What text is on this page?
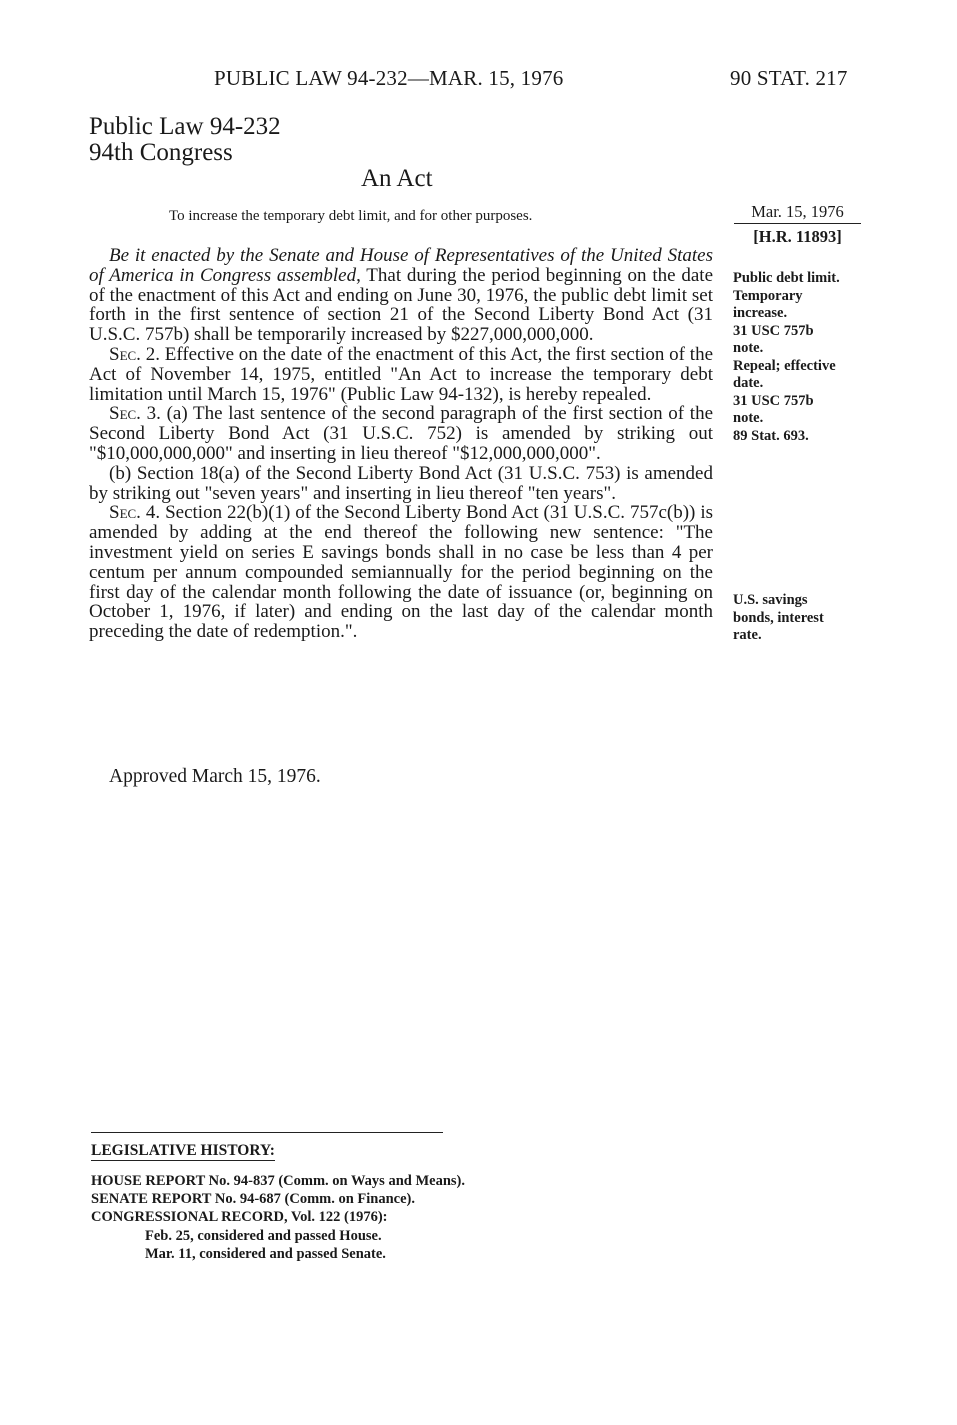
PUBLIC LAW 94-232—MAR. 15, 1976	90 STAT. 217
Public Law 94-232
94th Congress
An Act
To increase the temporary debt limit, and for other purposes.	Mar. 15, 1976
[H.R. 11893]

Be it enacted by the Senate and House of Representatives of the United States of America in Congress assembled, That during the period beginning on the date of the enactment of this Act and ending on June 30, 1976, the public debt limit set forth in the first sentence of section 21 of the Second Liberty Bond Act (31 U.S.C. 757b) shall be temporarily increased by $227,000,000,000.

Sec. 2. Effective on the date of the enactment of this Act, the first section of the Act of November 14, 1975, entitled "An Act to increase the temporary debt limitation until March 15, 1976" (Public Law 94-132), is hereby repealed.

Sec. 3. (a) The last sentence of the second paragraph of the first section of the Second Liberty Bond Act (31 U.S.C. 752) is amended by striking out "$10,000,000,000" and inserting in lieu thereof "$12,000,000,000".

(b) Section 18(a) of the Second Liberty Bond Act (31 U.S.C. 753) is amended by striking out "seven years" and inserting in lieu thereof "ten years".

Sec. 4. Section 22(b)(1) of the Second Liberty Bond Act (31 U.S.C. 757c(b)) is amended by adding at the end thereof the following new sentence: "The investment yield on series E savings bonds shall in no case be less than 4 per centum per annum compounded semiannually for the period beginning on the first day of the calendar month following the date of issuance (or, beginning on October 1, 1976, if later) and ending on the last day of the calendar month preceding the date of redemption.".

Public debt limit.
Temporary
increase.
31 USC 757b
note.
Repeal; effective
date.
31 USC 757b
note.
89 Stat. 693.
U.S. savings
bonds, interest
rate.
Approved March 15, 1976.
LEGISLATIVE HISTORY:
HOUSE REPORT No. 94-837 (Comm. on Ways and Means).
SENATE REPORT No. 94-687 (Comm. on Finance).
CONGRESSIONAL RECORD, Vol. 122 (1976):
Feb. 25, considered and passed House.
Mar. 11, considered and passed Senate.
